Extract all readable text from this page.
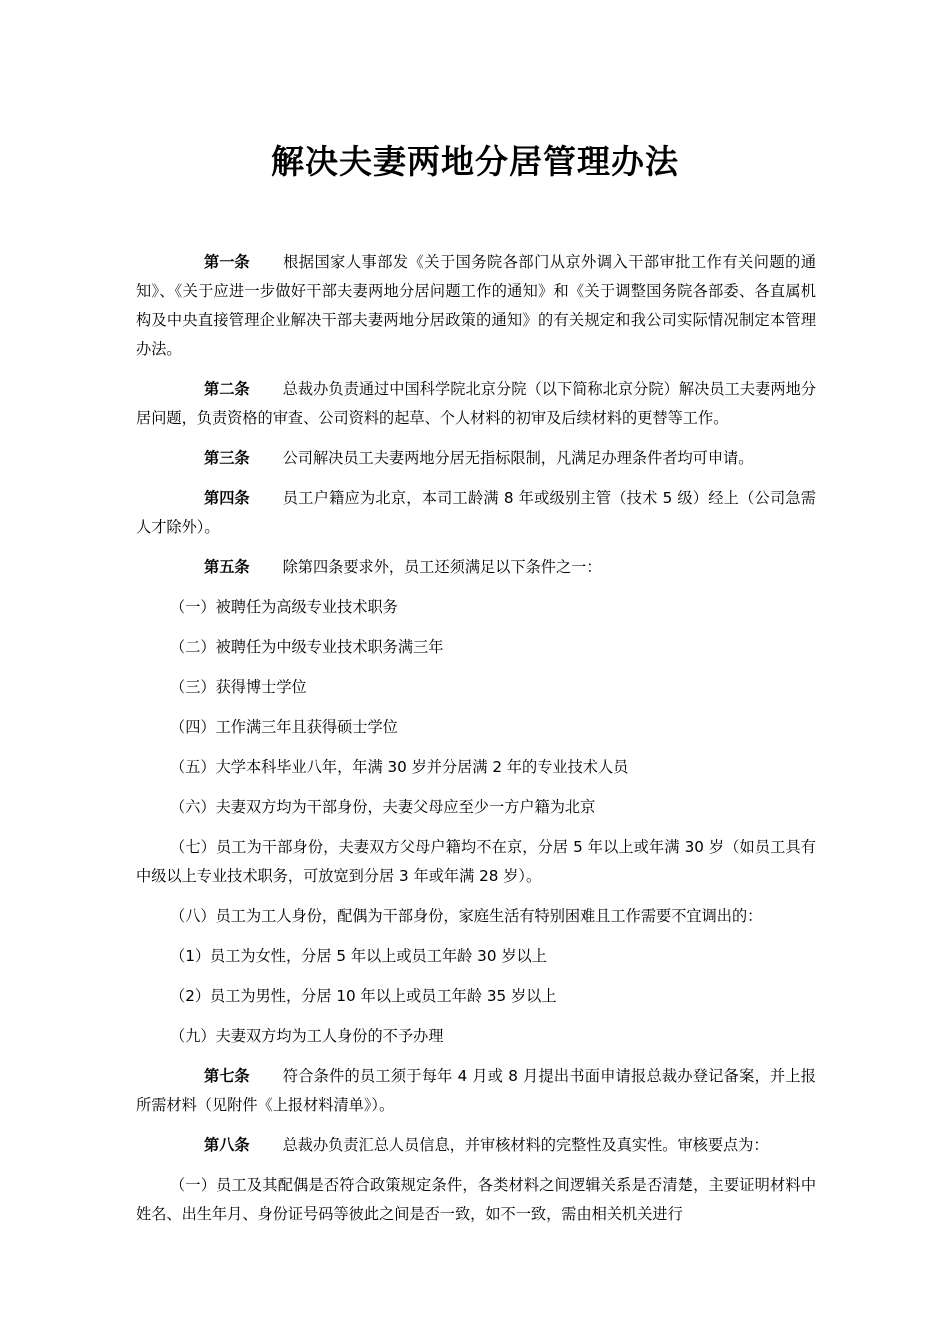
解决夫妻两地分居管理办法

第一条 根据国家人事部发《关于国务院各部门从京外调入干部审批工作有关问题的通知》、《关于应进一步做好干部夫妻两地分居问题工作的通知》和《关于调整国务院各部委、各直属机构及中央直接管理企业解决干部夫妻两地分居政策的通知》的有关规定和我公司实际情况制定本管理办法。

第二条 总裁办负责通过中国科学院北京分院（以下简称北京分院）解决员工夫妻两地分居问题，负责资格的审查、公司资料的起草、个人材料的初审及后续材料的更替等工作。

第三条 公司解决员工夫妻两地分居无指标限制，凡满足办理条件者均可申请。

第四条 员工户籍应为北京，本司工龄满 8 年或级别主管（技术 5 级）经上（公司急需人才除外）。

第五条 除第四条要求外，员工还须满足以下条件之一：

（一）被聘任为高级专业技术职务

（二）被聘任为中级专业技术职务满三年

（三）获得博士学位

（四）工作满三年且获得硕士学位

（五）大学本科毕业八年，年满 30 岁并分居满 2 年的专业技术人员

（六）夫妻双方均为干部身份，夫妻父母应至少一方户籍为北京

（七）员工为干部身份，夫妻双方父母户籍均不在京，分居 5 年以上或年满 30 岁（如员工具有中级以上专业技术职务，可放宽到分居 3 年或年满 28 岁）。

（八）员工为工人身份，配偶为干部身份，家庭生活有特别困难且工作需要不宜调出的：

（1）员工为女性，分居 5 年以上或员工年龄 30 岁以上

（2）员工为男性，分居 10 年以上或员工年龄 35 岁以上

（九）夫妻双方均为工人身份的不予办理

第七条 符合条件的员工须于每年 4 月或 8 月提出书面申请报总裁办登记备案，并上报所需材料（见附件《上报材料清单》）。

第八条 总裁办负责汇总人员信息，并审核材料的完整性及真实性。审核要点为：

（一）员工及其配偶是否符合政策规定条件，各类材料之间逻辑关系是否清楚，主要证明材料中姓名、出生年月、身份证号码等彼此之间是否一致，如不一致，需由相关机关进行
